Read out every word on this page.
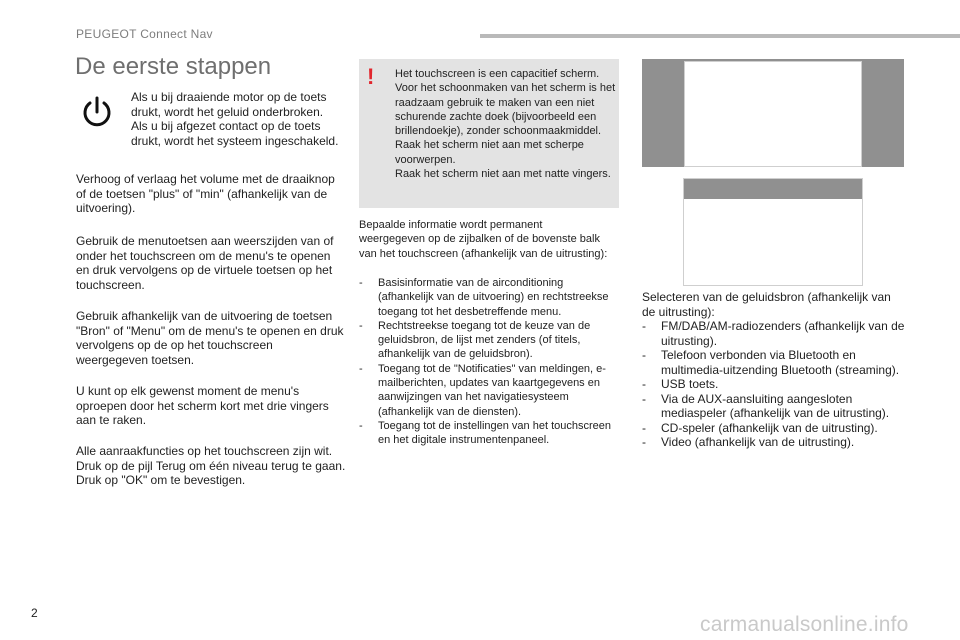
PEUGEOT Connect Nav
De eerste stappen
Als u bij draaiende motor op de toets drukt, wordt het geluid onderbroken. Als u bij afgezet contact op de toets drukt, wordt het systeem ingeschakeld.
Verhoog of verlaag het volume met de draaiknop of de toetsen "plus" of "min" (afhankelijk van de uitvoering).
Gebruik de menutoetsen aan weerszijden van of onder het touchscreen om de menu's te openen en druk vervolgens op de virtuele toetsen op het touchscreen.
Gebruik afhankelijk van de uitvoering de toetsen "Bron" of "Menu" om de menu's te openen en druk vervolgens op de op het touchscreen weergegeven toetsen.
U kunt op elk gewenst moment de menu's oproepen door het scherm kort met drie vingers aan te raken.
Alle aanraakfuncties op het touchscreen zijn wit.
Druk op de pijl Terug om één niveau terug te gaan.
Druk op "OK" om te bevestigen.
! Het touchscreen is een capacitief scherm.
Voor het schoonmaken van het scherm is het raadzaam gebruik te maken van een niet schurende zachte doek (bijvoorbeeld een brillendoekje), zonder schoonmaakmiddel.
Raak het scherm niet aan met scherpe voorwerpen.
Raak het scherm niet aan met natte vingers.
Bepaalde informatie wordt permanent weergegeven op de zijbalken of de bovenste balk van het touchscreen (afhankelijk van de uitrusting):
- Basisinformatie van de airconditioning (afhankelijk van de uitvoering) en rechtstreekse toegang tot het desbetreffende menu.
- Rechtstreekse toegang tot de keuze van de geluidsbron, de lijst met zenders (of titels, afhankelijk van de geluidsbron).
- Toegang tot de "Notificaties" van meldingen, e-mailberichten, updates van kaartgegevens en aanwijzingen van het navigatiesysteem (afhankelijk van de diensten).
- Toegang tot de instellingen van het touchscreen en het digitale instrumentenpaneel.
Selecteren van de geluidsbron (afhankelijk van de uitrusting):
- FM/DAB/AM-radiozenders (afhankelijk van de uitrusting).
- Telefoon verbonden via Bluetooth en multimedia-uitzending Bluetooth (streaming).
- USB toets.
- Via de AUX-aansluiting aangesloten mediaspeler (afhankelijk van de uitrusting).
- CD-speler (afhankelijk van de uitrusting).
- Video (afhankelijk van de uitrusting).
2	carmanualsonline.info
